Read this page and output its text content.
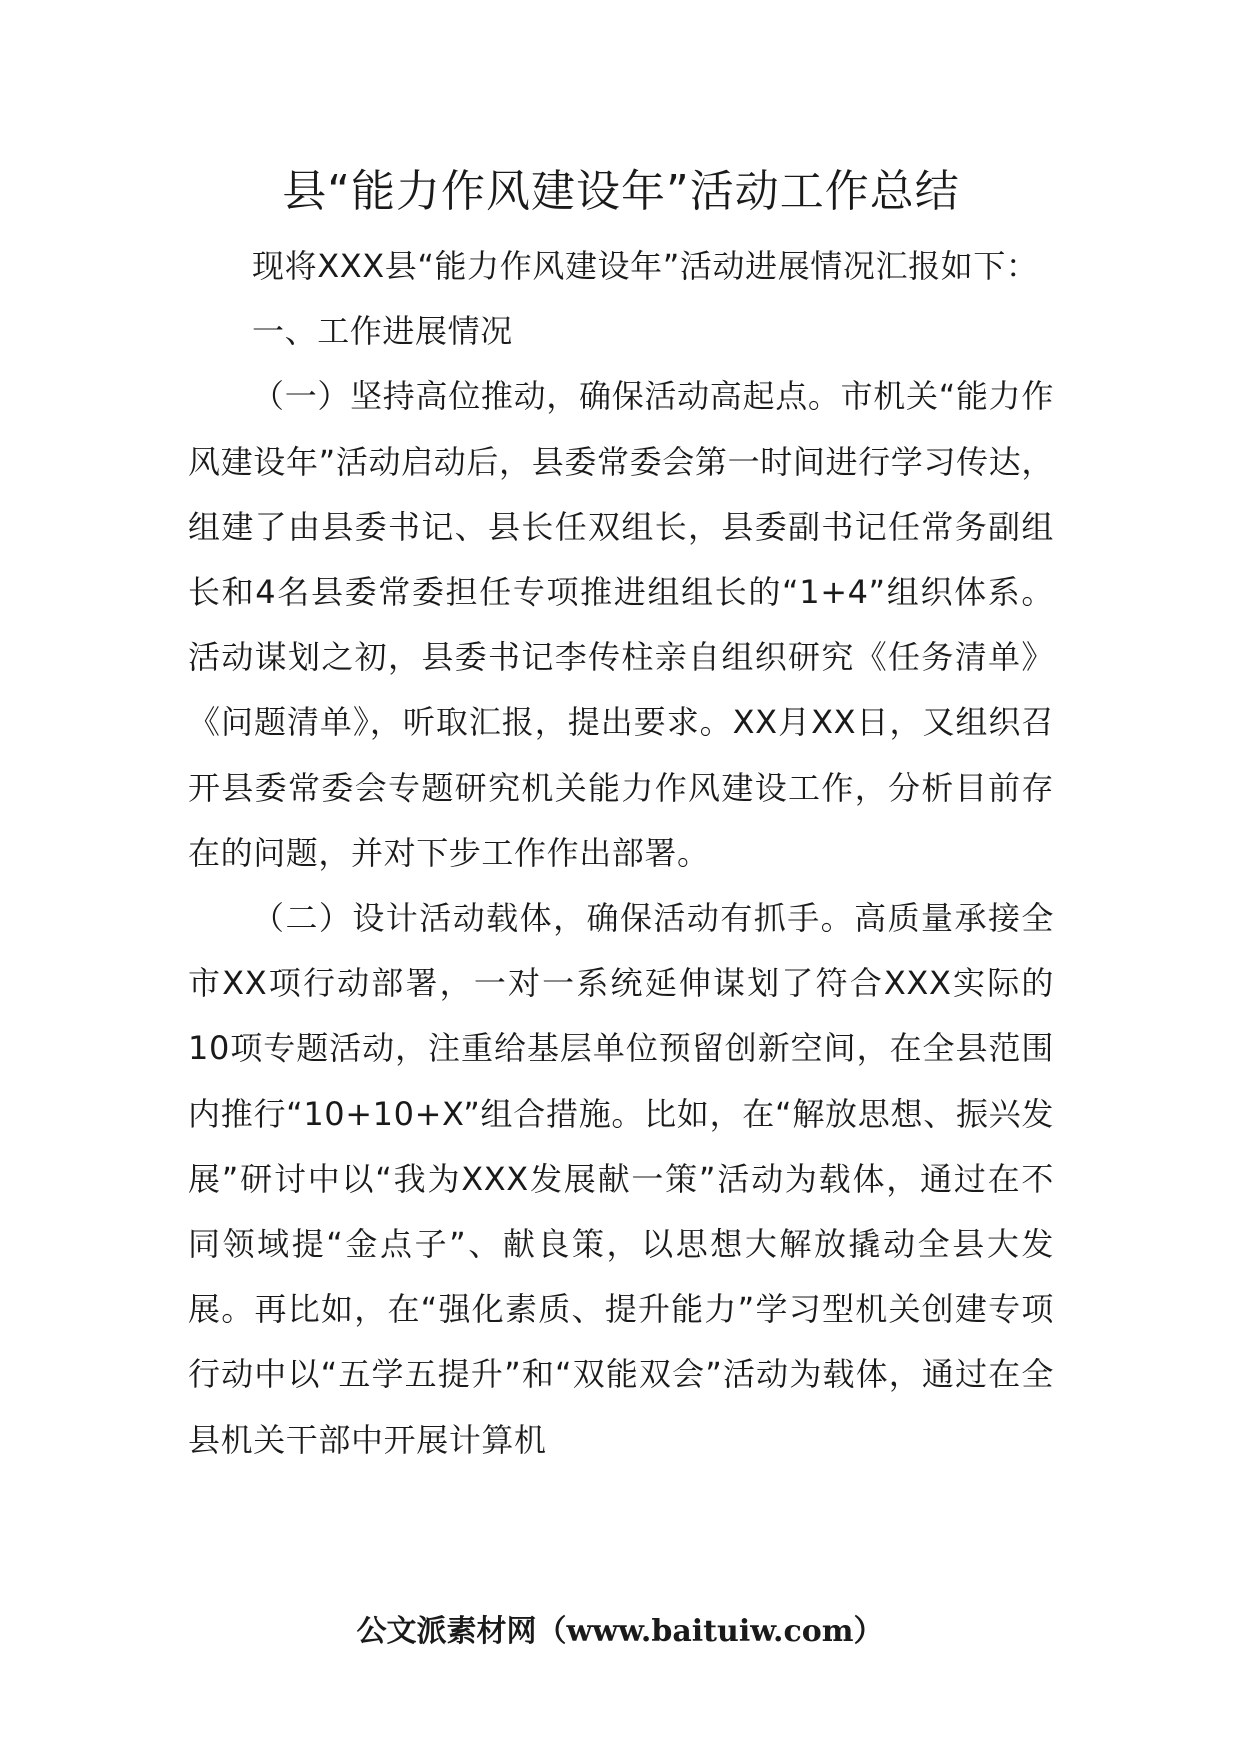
县“能力作风建设年”活动工作总结

现将XXX县“能力作风建设年”活动进展情况汇报如下：

一、工作进展情况

（一）坚持高位推动，确保活动高起点。市机关“能力作风建设年”活动启动后，县委常委会第一时间进行学习传达，组建了由县委书记、县长任双组长，县委副书记任常务副组长和4名县委常委担任专项推进组组长的“1+4”组织体系。活动谋划之初，县委书记李传柱亲自组织研究《任务清单》《问题清单》，听取汇报，提出要求。XX月XX日，又组织召开县委常委会专题研究机关能力作风建设工作，分析目前存在的问题，并对下步工作作出部署。

（二）设计活动载体，确保活动有抓手。高质量承接全市XX项行动部署，一对一系统延伸谋划了符合XXX实际的10项专题活动，注重给基层单位预留创新空间，在全县范围内推行“10+10+X”组合措施。比如，在“解放思想、振兴发展”研讨中以“我为XXX发展献一策”活动为载体，通过在不同领域提“金点子”、献良策，以思想大解放撬动全县大发展。再比如，在“强化素质、提升能力”学习型机关创建专项行动中以“五学五提升”和“双能双会”活动为载体，通过在全县机关干部中开展计算机

公文派素材网（www.baituiw.com）
